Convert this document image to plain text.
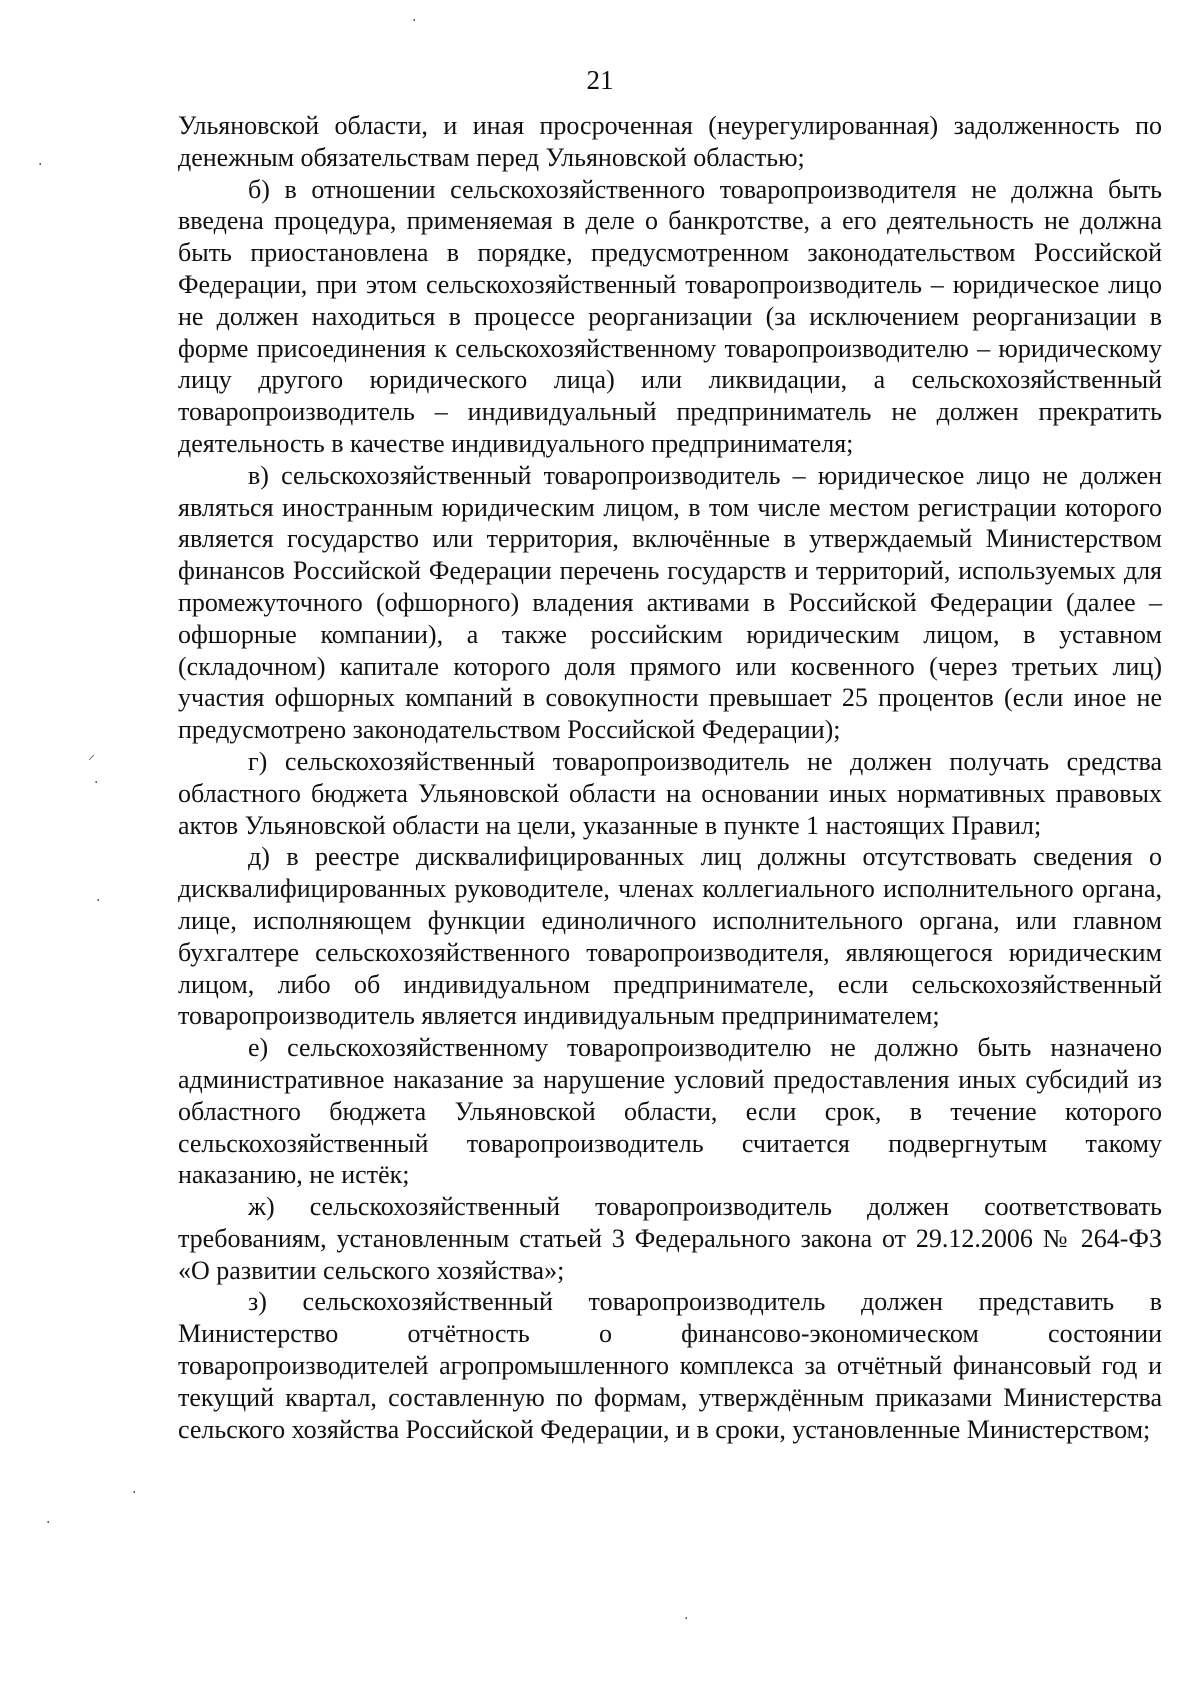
21

Ульяновской области, и иная просроченная (неурегулированная) задолженность по денежным обязательствам перед Ульяновской областью;

б) в отношении сельскохозяйственного товаропроизводителя не должна быть введена процедура, применяемая в деле о банкротстве, а его деятельность не должна быть приостановлена в порядке, предусмотренном законодательством Российской Федерации, при этом сельскохозяйственный товаропроизводитель – юридическое лицо не должен находиться в процессе реорганизации (за исключением реорганизации в форме присоединения к сельскохозяйственному товаропроизводителю – юридическому лицу другого юридического лица) или ликвидации, а сельскохозяйственный товаропроизводитель – индивидуальный предприниматель не должен прекратить деятельность в качестве индивидуального предпринимателя;

в) сельскохозяйственный товаропроизводитель – юридическое лицо не должен являться иностранным юридическим лицом, в том числе местом регистрации которого является государство или территория, включённые в утверждаемый Министерством финансов Российской Федерации перечень государств и территорий, используемых для промежуточного (офшорного) владения активами в Российской Федерации (далее – офшорные компании), а также российским юридическим лицом, в уставном (складочном) капитале которого доля прямого или косвенного (через третьих лиц) участия офшорных компаний в совокупности превышает 25 процентов (если иное не предусмотрено законодательством Российской Федерации);

г) сельскохозяйственный товаропроизводитель не должен получать средства областного бюджета Ульяновской области на основании иных нормативных правовых актов Ульяновской области на цели, указанные в пункте 1 настоящих Правил;

д) в реестре дисквалифицированных лиц должны отсутствовать сведения о дисквалифицированных руководителе, членах коллегиального исполнительного органа, лице, исполняющем функции единоличного исполнительного органа, или главном бухгалтере сельскохозяйственного товаропроизводителя, являющегося юридическим лицом, либо об индивидуальном предпринимателе, если сельскохозяйственный товаропроизводитель является индивидуальным предпринимателем;

е) сельскохозяйственному товаропроизводителю не должно быть назначено административное наказание за нарушение условий предоставления иных субсидий из областного бюджета Ульяновской области, если срок, в течение которого сельскохозяйственный товаропроизводитель считается подвергнутым такому наказанию, не истёк;

ж) сельскохозяйственный товаропроизводитель должен соответствовать требованиям, установленным статьей 3 Федерального закона от 29.12.2006 № 264-ФЗ «О развитии сельского хозяйства»;

з) сельскохозяйственный товаропроизводитель должен представить в Министерство отчётность о финансово-экономическом состоянии товаропроизводителей агропромышленного комплекса за отчётный финансовый год и текущий квартал, составленную по формам, утверждённым приказами Министерства сельского хозяйства Российской Федерации, и в сроки, установленные Министерством;

·
·
⸝
·
·
·
·
·
